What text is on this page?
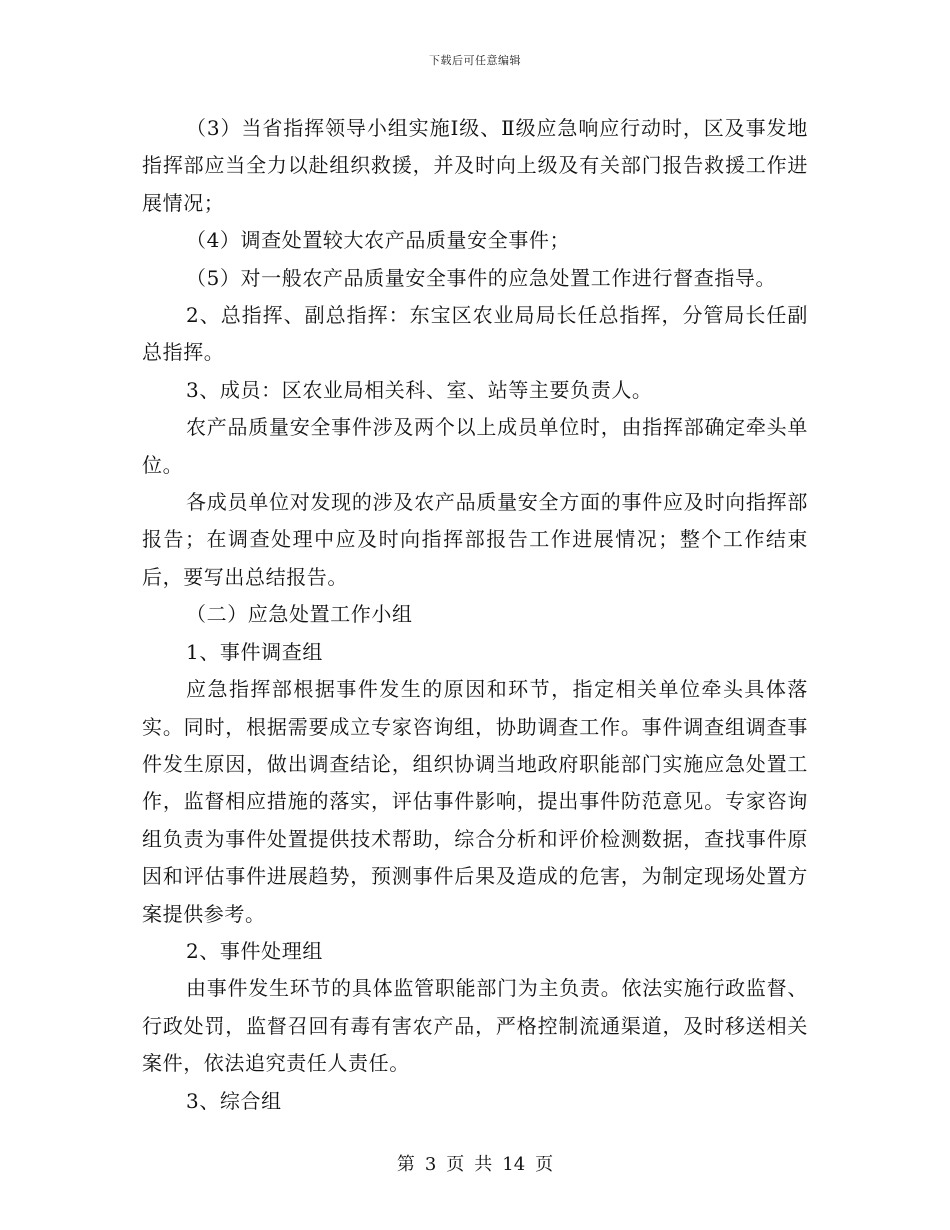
下载后可任意编辑

（3）当省指挥领导小组实施Ⅰ级、Ⅱ级应急响应行动时，区及事发地指挥部应当全力以赴组织救援，并及时向上级及有关部门报告救援工作进展情况；

（4）调查处置较大农产品质量安全事件；

（5）对一般农产品质量安全事件的应急处置工作进行督查指导。

2、总指挥、副总指挥：东宝区农业局局长任总指挥，分管局长任副总指挥。

3、成员：区农业局相关科、室、站等主要负责人。

农产品质量安全事件涉及两个以上成员单位时，由指挥部确定牵头单位。

各成员单位对发现的涉及农产品质量安全方面的事件应及时向指挥部报告；在调查处理中应及时向指挥部报告工作进展情况；整个工作结束后，要写出总结报告。

（二）应急处置工作小组

1、事件调查组

应急指挥部根据事件发生的原因和环节，指定相关单位牵头具体落实。同时，根据需要成立专家咨询组，协助调查工作。事件调查组调查事件发生原因，做出调查结论，组织协调当地政府职能部门实施应急处置工作，监督相应措施的落实，评估事件影响，提出事件防范意见。专家咨询组负责为事件处置提供技术帮助，综合分析和评价检测数据，查找事件原因和评估事件进展趋势，预测事件后果及造成的危害，为制定现场处置方案提供参考。

2、事件处理组

由事件发生环节的具体监管职能部门为主负责。依法实施行政监督、行政处罚，监督召回有毒有害农产品，严格控制流通渠道，及时移送相关案件，依法追究责任人责任。

3、综合组

第 3 页 共 14 页
